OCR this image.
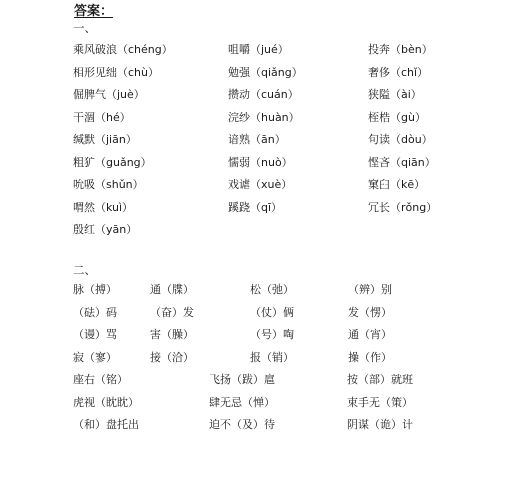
答案：
一、
乘风破浪（chéng）	咀嚼（jué）	投奔（bèn）
相形见绌（chù）	勉强（qiǎng）	奢侈（chǐ）
倔脾气（juè）	攒动（cuán）	狭隘（ài）
干涸（hé）	浣纱（huàn）	桎梏（gù）
缄默（jiān）	谙熟（ān）	句读（dòu）
粗犷（guǎng）	懦弱（nuò）	悭吝（qiān）
吮吸（shǔn）	戏谑（xuè）	窠臼（kē）
喟然（kuì）	蹊跷（qī）	冗长（rǒng）
殷红（yān）
二、
脉（搏）	通（牒）	松（弛）	（辨）别
（砝）码	（奋）发	（仗）俩	发（愣）
（谩）骂	害（臊）	（号）啕	通（宵）
寂（寥）	接（洽）	报（销）	操（作）
座右（铭）	飞扬（跋）扈	按（部）就班
虎视（眈眈）	肆无忌（惮）	束手无（策）
（和）盘托出	迫不（及）待	阴谋（诡）计
